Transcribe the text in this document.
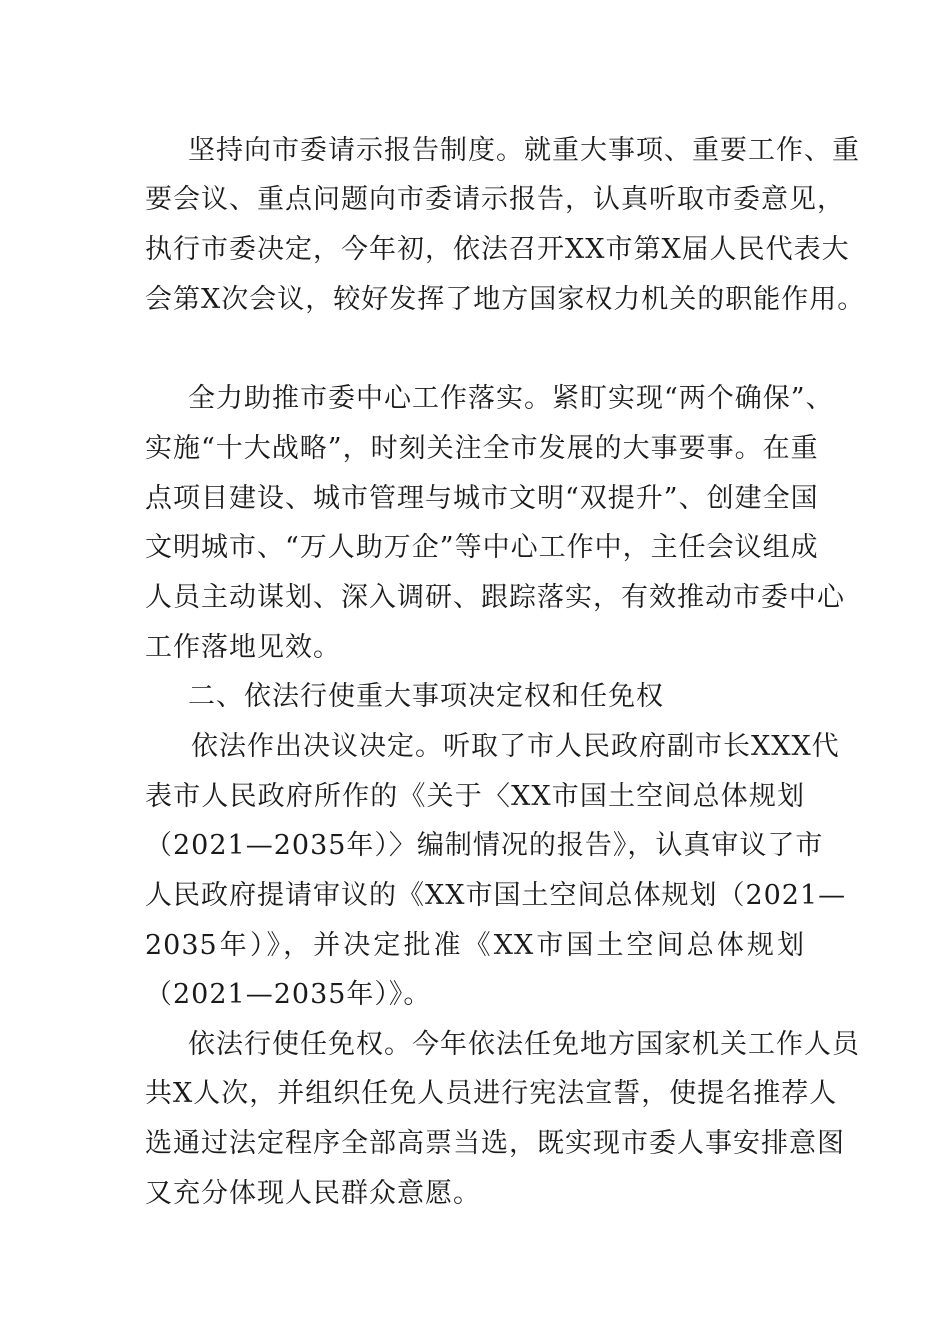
坚持向市委请示报告制度。就重大事项、重要工作、重
要会议、重点问题向市委请示报告，认真听取市委意见，
执行市委决定，今年初，依法召开XX市第X届人民代表大
会第X次会议，较好发挥了地方国家权力机关的职能作用。
全力助推市委中心工作落实。紧盯实现“两个确保”、
实施“十大战略”，时刻关注全市发展的大事要事。在重
点项目建设、城市管理与城市文明“双提升”、创建全国
文明城市、“万人助万企”等中心工作中，主任会议组成
人员主动谋划、深入调研、跟踪落实，有效推动市委中心
工作落地见效。
二、依法行使重大事项决定权和任免权
依法作出决议决定。听取了市人民政府副市长XXX代
表市人民政府所作的《关于〈XX市国土空间总体规划
（2021—2035年）〉编制情况的报告》，认真审议了市
人民政府提请审议的《XX市国土空间总体规划（2021—
2035年）》，并决定批准《XX市国土空间总体规划
（2021—2035年）》。
依法行使任免权。今年依法任免地方国家机关工作人员
共X人次，并组织任免人员进行宪法宣誓，使提名推荐人
选通过法定程序全部高票当选，既实现市委人事安排意图
又充分体现人民群众意愿。
